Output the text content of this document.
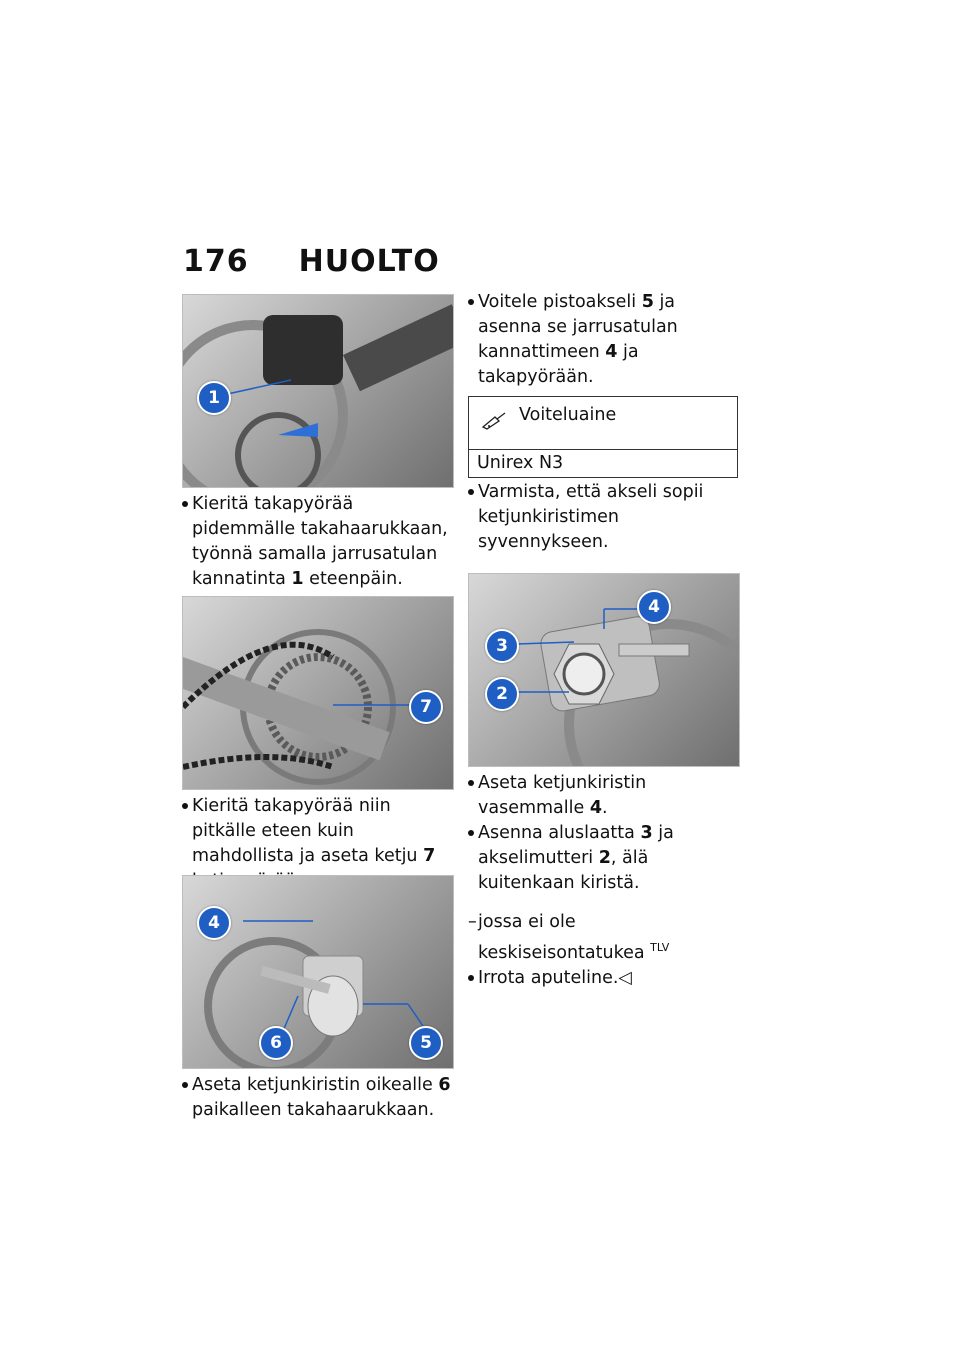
176 HUOLTO
1

Kieritä takapyörää pidemmälle takahaarukkaan, työnnä samalla jarrusatulan kannatinta 1 eteenpäin.

7

Kieritä takapyörää niin pitkälle eteen kuin mahdollista ja aseta ketju 7

4
6	5

Aseta ketjunkiristin oikealle 6 paikalleen takahaarukkaan.

Voitele pistoakseli 5 ja asenna se jarrusatulan kannattimeen 4 ja takapyörään.

Voiteluaine
Unirex N3

Varmista, että akseli sopii ketjunkiristimen syvennykseen.

4
3
2

Aseta ketjunkiristin vasemmalle 4.

Asenna aluslaatta 3 ja akselimutteri 2, älä kuitenkaan kiristä.

– jossa ei ole keskiseisontatukea $^{TLV}$

Irrota aputeline.◁
